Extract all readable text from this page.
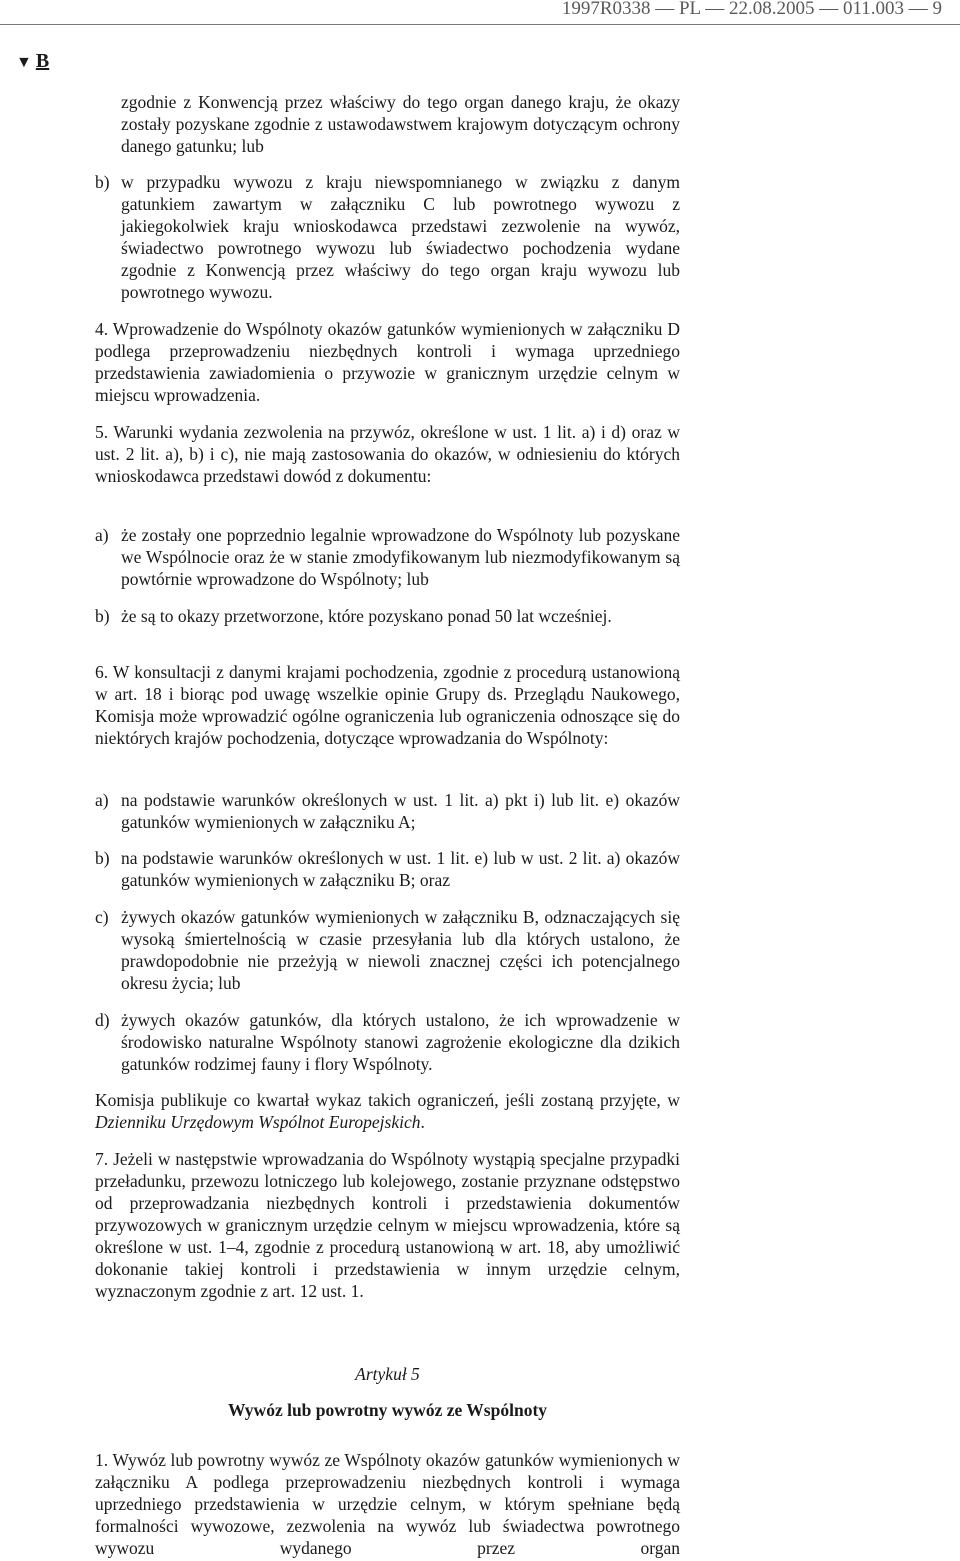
1997R0338 — PL — 22.08.2005 — 011.003 — 9
▼ B

zgodnie z Konwencją przez właściwy do tego organ danego kraju, że okazy zostały pozyskane zgodnie z ustawodawstwem krajowym dotyczącym ochrony danego gatunku; lub

b) w przypadku wywozu z kraju niewspomnianego w związku z danym gatunkiem zawartym w załączniku C lub powrotnego wywozu z jakiegokolwiek kraju wnioskodawca przedstawi zezwolenie na wywóz, świadectwo powrotnego wywozu lub świadectwo pochodzenia wydane zgodnie z Konwencją przez właściwy do tego organ kraju wywozu lub powrotnego wywozu.

4. Wprowadzenie do Wspólnoty okazów gatunków wymienionych w załączniku D podlega przeprowadzeniu niezbędnych kontroli i wymaga uprzedniego przedstawienia zawiadomienia o przywozie w granicznym urzędzie celnym w miejscu wprowadzenia.

5. Warunki wydania zezwolenia na przywóz, określone w ust. 1 lit. a) i d) oraz w ust. 2 lit. a), b) i c), nie mają zastosowania do okazów, w odniesieniu do których wnioskodawca przedstawi dowód z dokumentu:

a) że zostały one poprzednio legalnie wprowadzone do Wspólnoty lub pozyskane we Wspólnocie oraz że w stanie zmodyfikowanym lub niezmodyfikowanym są powtórnie wprowadzone do Wspólnoty; lub
b) że są to okazy przetworzone, które pozyskano ponad 50 lat wcześniej.

6. W konsultacji z danymi krajami pochodzenia, zgodnie z procedurą ustanowioną w art. 18 i biorąc pod uwagę wszelkie opinie Grupy ds. Przeglądu Naukowego, Komisja może wprowadzić ogólne ograniczenia lub ograniczenia odnoszące się do niektórych krajów pochodzenia, dotyczące wprowadzania do Wspólnoty:

a) na podstawie warunków określonych w ust. 1 lit. a) pkt i) lub lit. e) okazów gatunków wymienionych w załączniku A;
b) na podstawie warunków określonych w ust. 1 lit. e) lub w ust. 2 lit. a) okazów gatunków wymienionych w załączniku B; oraz
c) żywych okazów gatunków wymienionych w załączniku B, odznaczających się wysoką śmiertelnością w czasie przesyłania lub dla których ustalono, że prawdopodobnie nie przeżyją w niewoli znacznej części ich potencjalnego okresu życia; lub
d) żywych okazów gatunków, dla których ustalono, że ich wprowadzenie w środowisko naturalne Wspólnoty stanowi zagrożenie ekologiczne dla dzikich gatunków rodzimej fauny i flory Wspólnoty.

Komisja publikuje co kwartał wykaz takich ograniczeń, jeśli zostaną przyjęte, w Dzienniku Urzędowym Wspólnot Europejskich.

7. Jeżeli w następstwie wprowadzania do Wspólnoty wystąpią specjalne przypadki przeładunku, przewozu lotniczego lub kolejowego, zostanie przyznane odstępstwo od przeprowadzania niezbędnych kontroli i przedstawienia dokumentów przywozowych w granicznym urzędzie celnym w miejscu wprowadzenia, które są określone w ust. 1–4, zgodnie z procedurą ustanowioną w art. 18, aby umożliwić dokonanie takiej kontroli i przedstawienia w innym urzędzie celnym, wyznaczonym zgodnie z art. 12 ust. 1.

Artykuł 5
Wywóz lub powrotny wywóz ze Wspólnoty

1. Wywóz lub powrotny wywóz ze Wspólnoty okazów gatunków wymienionych w załączniku A podlega przeprowadzeniu niezbędnych kontroli i wymaga uprzedniego przedstawienia w urzędzie celnym, w którym spełniane będą formalności wywozowe, zezwolenia na wywóz lub świadectwa powrotnego wywozu wydanego przez organ
